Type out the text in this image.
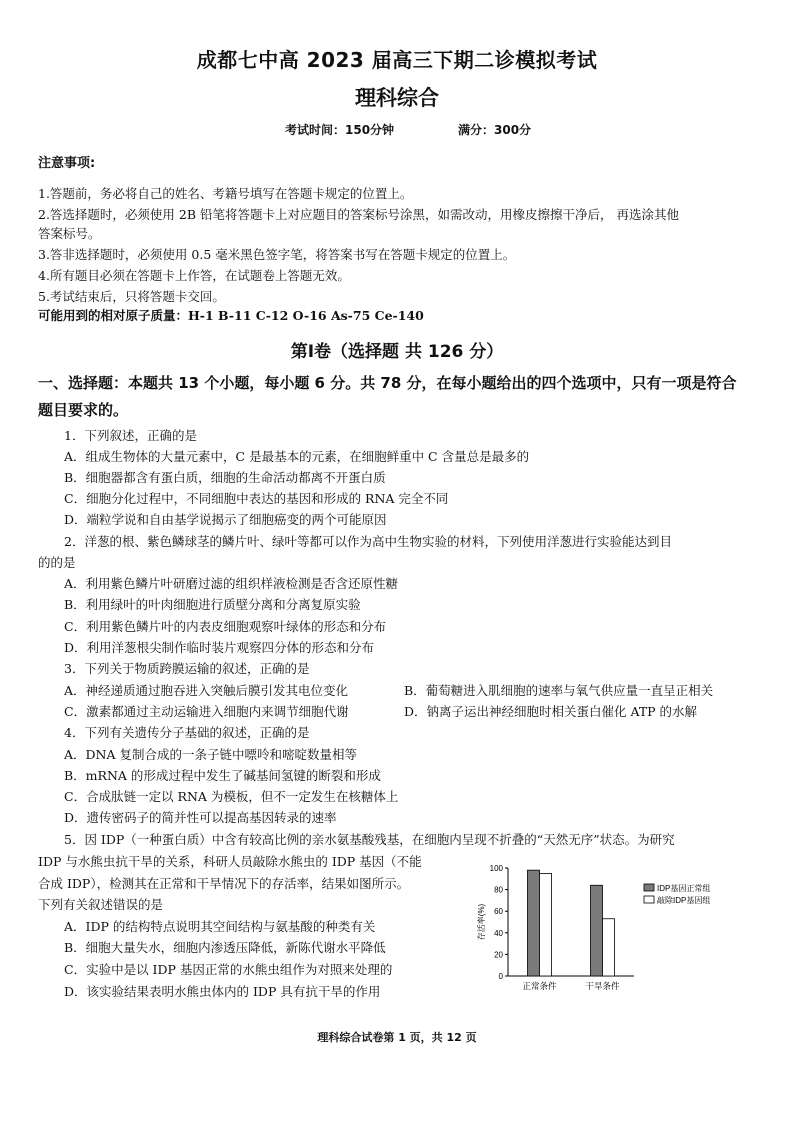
成都七中高 2023 届高三下期二诊模拟考试
理科综合
考试时间：150分钟	满分：300分
注意事项:
1.答题前，务必将自己的姓名、考籍号填写在答题卡规定的位置上。
2.答选择题时，必须使用 2B 铅笔将答题卡上对应题目的答案标号涂黑，如需改动，用橡皮擦擦干净后， 再选涂其他
答案标号。
3.答非选择题时，必须使用 0.5 毫米黑色签字笔，将答案书写在答题卡规定的位置上。
4.所有题目必须在答题卡上作答，在试题卷上答题无效。
5.考试结束后，只将答题卡交回。
可能用到的相对原子质量：H-1 B-11 C-12 O-16 As-75 Ce-140
第Ⅰ卷（选择题 共 126 分）
一、选择题：本题共 13 个小题，每小题 6 分。共 78 分，在每小题给出的四个选项中，只有一项是符合
题目要求的。
1．下列叙述，正确的是
A．组成生物体的大量元素中，C 是最基本的元素，在细胞鲜重中 C 含量总是最多的
B．细胞器都含有蛋白质，细胞的生命活动都离不开蛋白质
C．细胞分化过程中，不同细胞中表达的基因和形成的 RNA 完全不同
D．端粒学说和自由基学说揭示了细胞癌变的两个可能原因
2．洋葱的根、紫色鳞球茎的鳞片叶、绿叶等都可以作为高中生物实验的材料，下列使用洋葱进行实验能达到目
的的是
A．利用紫色鳞片叶研磨过滤的组织样液检测是否含还原性糖
B．利用绿叶的叶肉细胞进行质壁分离和分离复原实验
C．利用紫色鳞片叶的内表皮细胞观察叶绿体的形态和分布
D．利用洋葱根尖制作临时装片观察四分体的形态和分布
3．下列关于物质跨膜运输的叙述，正确的是
A．神经递质通过胞吞进入突触后膜引发其电位变化	B．葡萄糖进入肌细胞的速率与氧气供应量一直呈正相关
C．激素都通过主动运输进入细胞内来调节细胞代谢	D．钠离子运出神经细胞时相关蛋白催化 ATP 的水解
4．下列有关遗传分子基础的叙述，正确的是
A．DNA 复制合成的一条子链中嘌呤和嘧啶数量相等
B．mRNA 的形成过程中发生了碱基间氢键的断裂和形成
C．合成肽链一定以 RNA 为模板，但不一定发生在核糖体上
D．遗传密码子的简并性可以提高基因转录的速率
5．因 IDP（一种蛋白质）中含有较高比例的亲水氨基酸残基，在细胞内呈现不折叠的“天然无序”状态。为研究
IDP 与水熊虫抗干旱的关系，科研人员敲除水熊虫的 IDP 基因（不能
合成 IDP），检测其在正常和干旱情况下的存活率，结果如图所示。
下列有关叙述错误的是
A．IDP 的结构特点说明其空间结构与氨基酸的种类有关
B．细胞大量失水，细胞内渗透压降低，新陈代谢水平降低
C．实验中是以 IDP 基因正常的水熊虫组作为对照来处理的
D．该实验结果表明水熊虫体内的 IDP 具有抗干旱的作用
0
20
40
60
80
100
存活率(%)
正常条件	干旱条件
IDP基因正常组
敲除IDP基因组
理科综合试卷第 1 页，共 12 页
